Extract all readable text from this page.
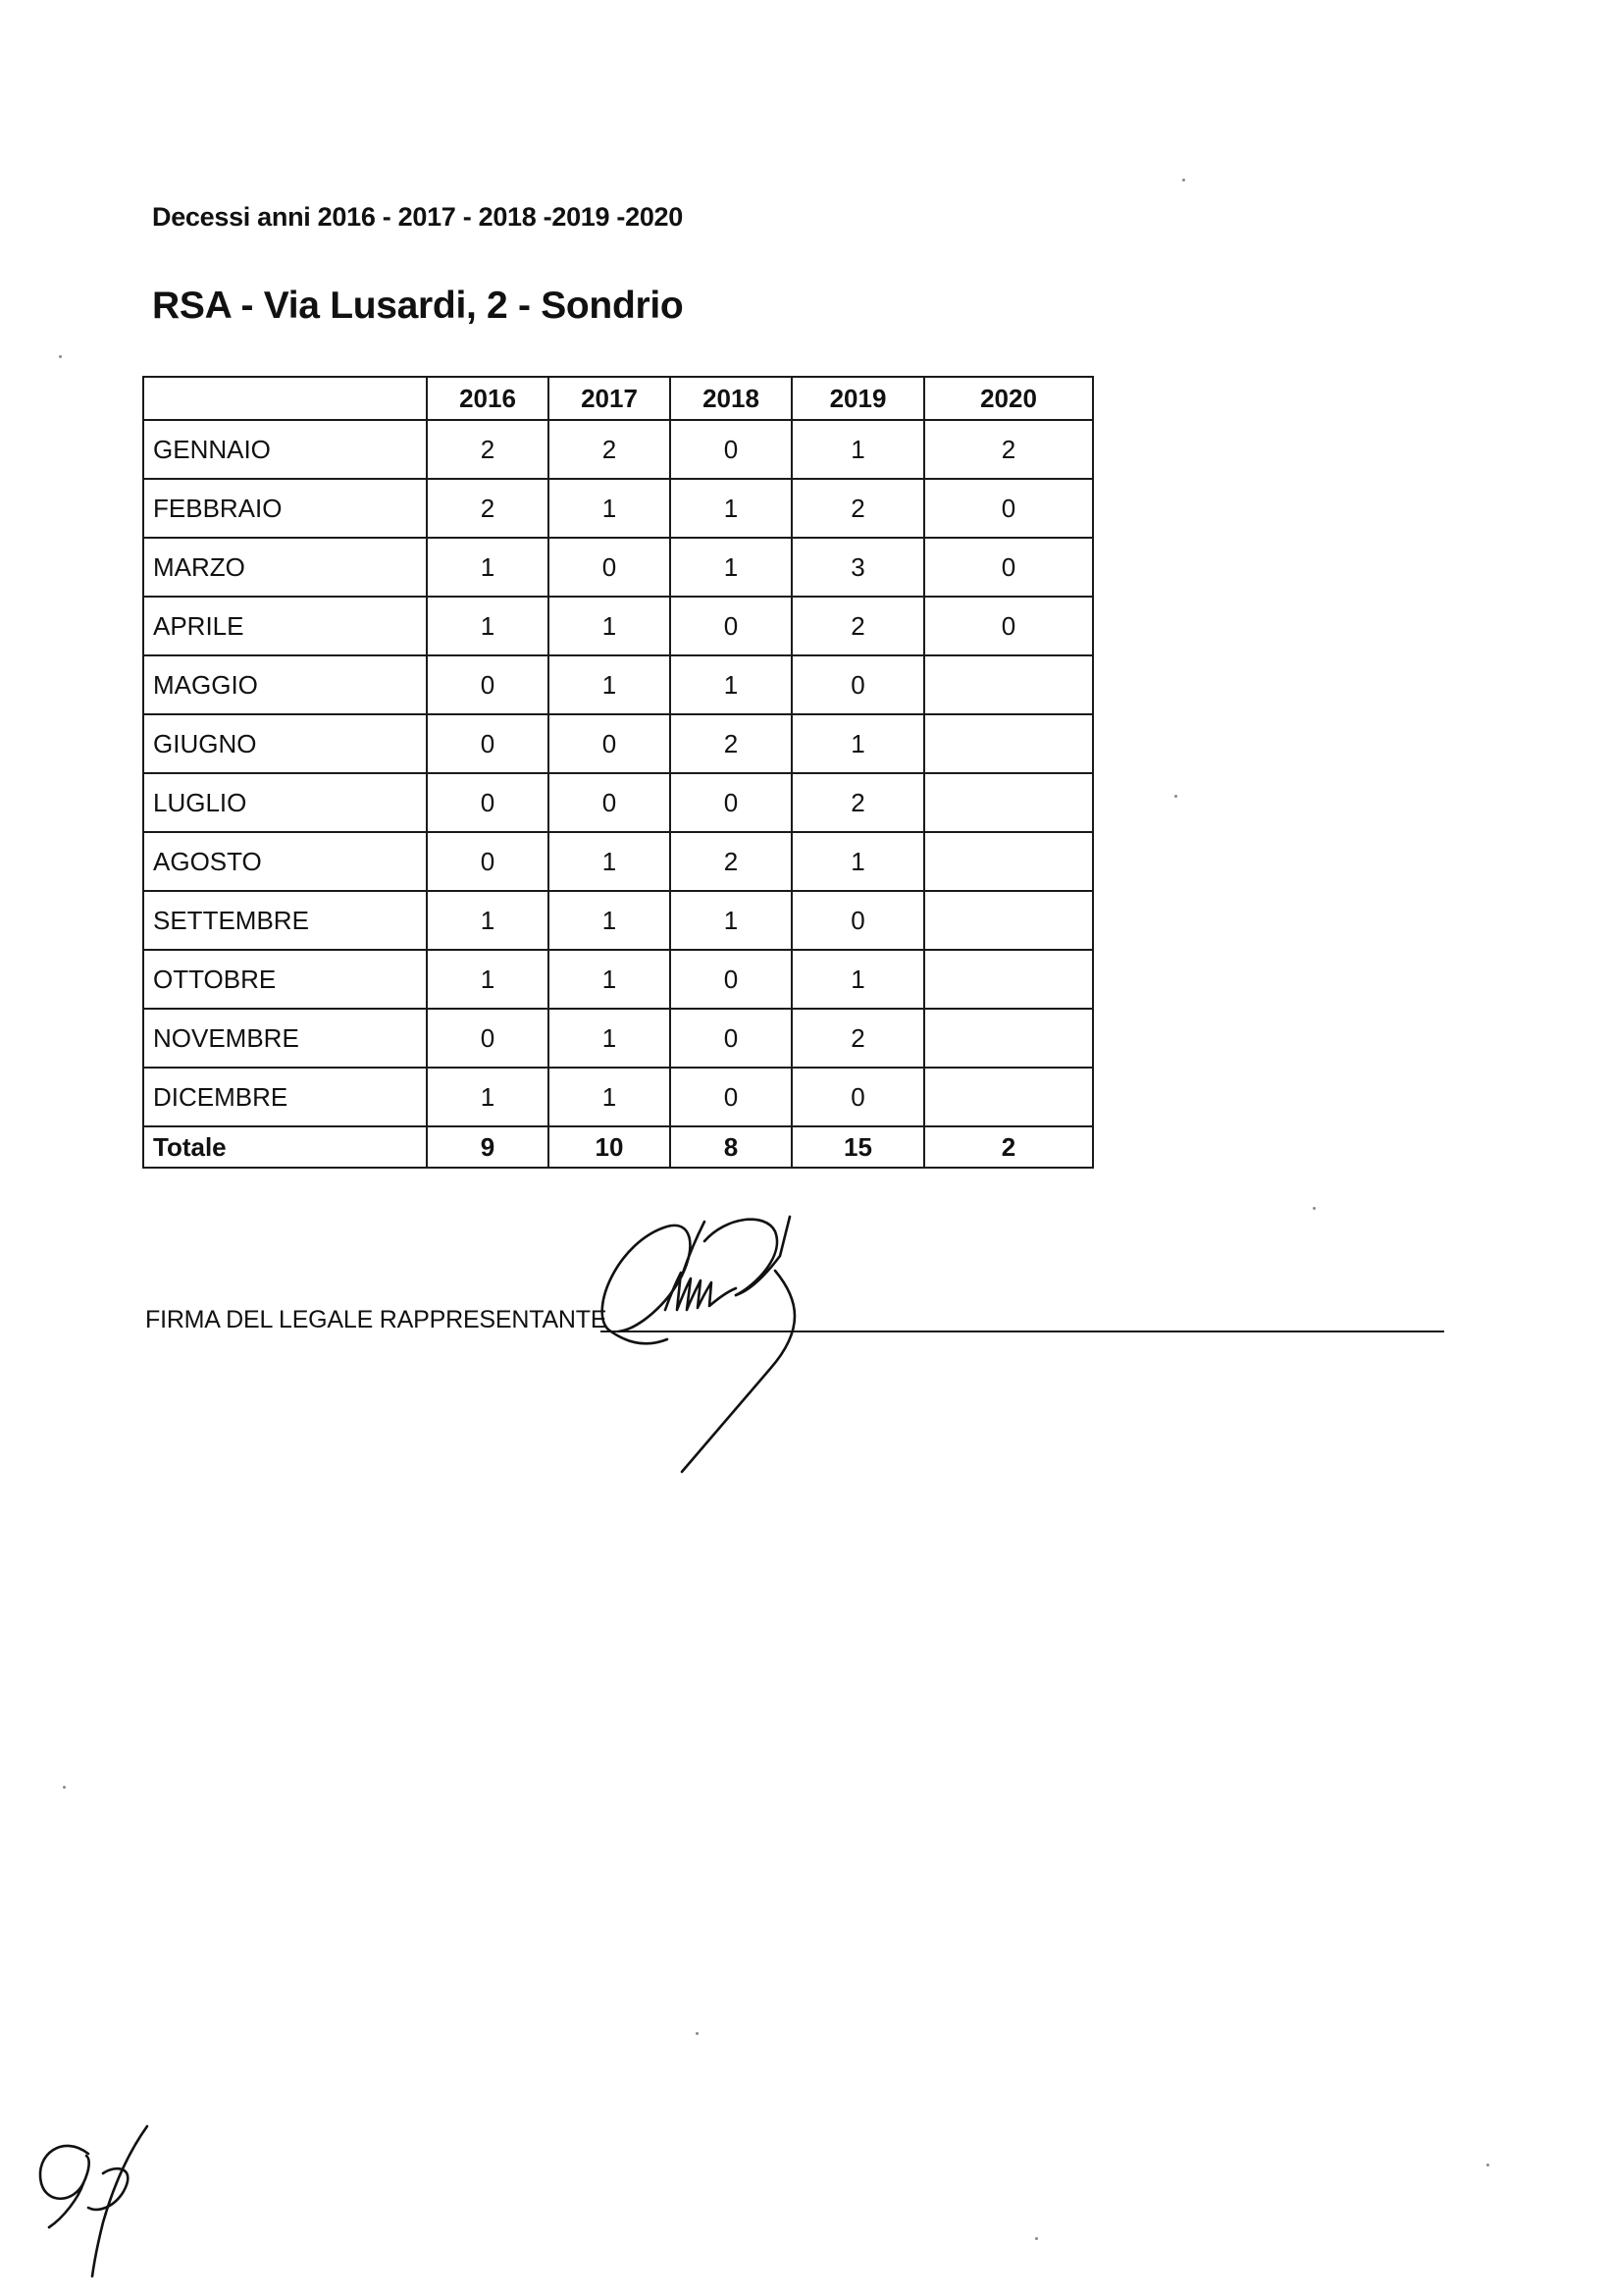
Decessi anni 2016 - 2017 - 2018 -2019 -2020
RSA - Via Lusardi, 2 - Sondrio
	2016	2017	2018	2019	2020
GENNAIO	2	2	0	1	2
FEBBRAIO	2	1	1	2	0
MARZO	1	0	1	3	0
APRILE	1	1	0	2	0
MAGGIO	0	1	1	0	
GIUGNO	0	0	2	1	
LUGLIO	0	0	0	2	
AGOSTO	0	1	2	1	
SETTEMBRE	1	1	1	0	
OTTOBRE	1	1	0	1	
NOVEMBRE	0	1	0	2	
DICEMBRE	1	1	0	0	
Totale	9	10	8	15	2
FIRMA DEL LEGALE RAPPRESENTANTE
